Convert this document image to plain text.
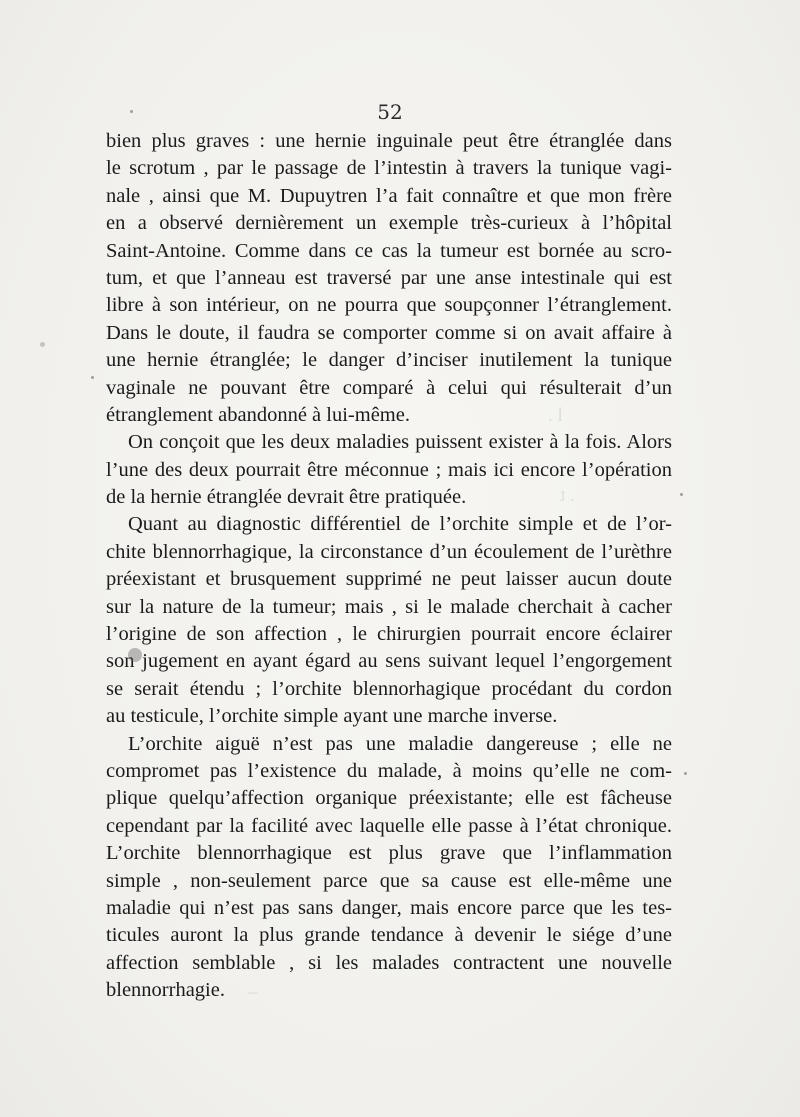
l .
. t
_
52
bien plus graves : une hernie inguinale peut être étranglée dans
le scrotum , par le passage de l’intestin à travers la tunique vagi-
nale , ainsi que M. Dupuytren l’a fait connaître et que mon frère
en a observé dernièrement un exemple très-curieux à l’hôpital
Saint-Antoine. Comme dans ce cas la tumeur est bornée au scro-
tum, et que l’anneau est traversé par une anse intestinale qui est
libre à son intérieur, on ne pourra que soupçonner l’étranglement.
Dans le doute, il faudra se comporter comme si on avait affaire à
une hernie étranglée; le danger d’inciser inutilement la tunique
vaginale ne pouvant être comparé à celui qui résulterait d’un
étranglement abandonné à lui-même.
On conçoit que les deux maladies puissent exister à la fois. Alors
l’une des deux pourrait être méconnue ; mais ici encore l’opération
de la hernie étranglée devrait être pratiquée.
Quant au diagnostic différentiel de l’orchite simple et de l’or-
chite blennorrhagique, la circonstance d’un écoulement de l’urèthre
préexistant et brusquement supprimé ne peut laisser aucun doute
sur la nature de la tumeur; mais , si le malade cherchait à cacher
l’origine de son affection , le chirurgien pourrait encore éclairer
son jugement en ayant égard au sens suivant lequel l’engorgement
se serait étendu ; l’orchite blennorhagique procédant du cordon
au testicule, l’orchite simple ayant une marche inverse.
L’orchite aiguë n’est pas une maladie dangereuse ; elle ne
compromet pas l’existence du malade, à moins qu’elle ne com-
plique quelqu’affection organique préexistante; elle est fâcheuse
cependant par la facilité avec laquelle elle passe à l’état chronique.
L’orchite blennorrhagique est plus grave que l’inflammation
simple , non-seulement parce que sa cause est elle-même une
maladie qui n’est pas sans danger, mais encore parce que les tes-
ticules auront la plus grande tendance à devenir le siége d’une
affection semblable , si les malades contractent une nouvelle
blennorrhagie.
